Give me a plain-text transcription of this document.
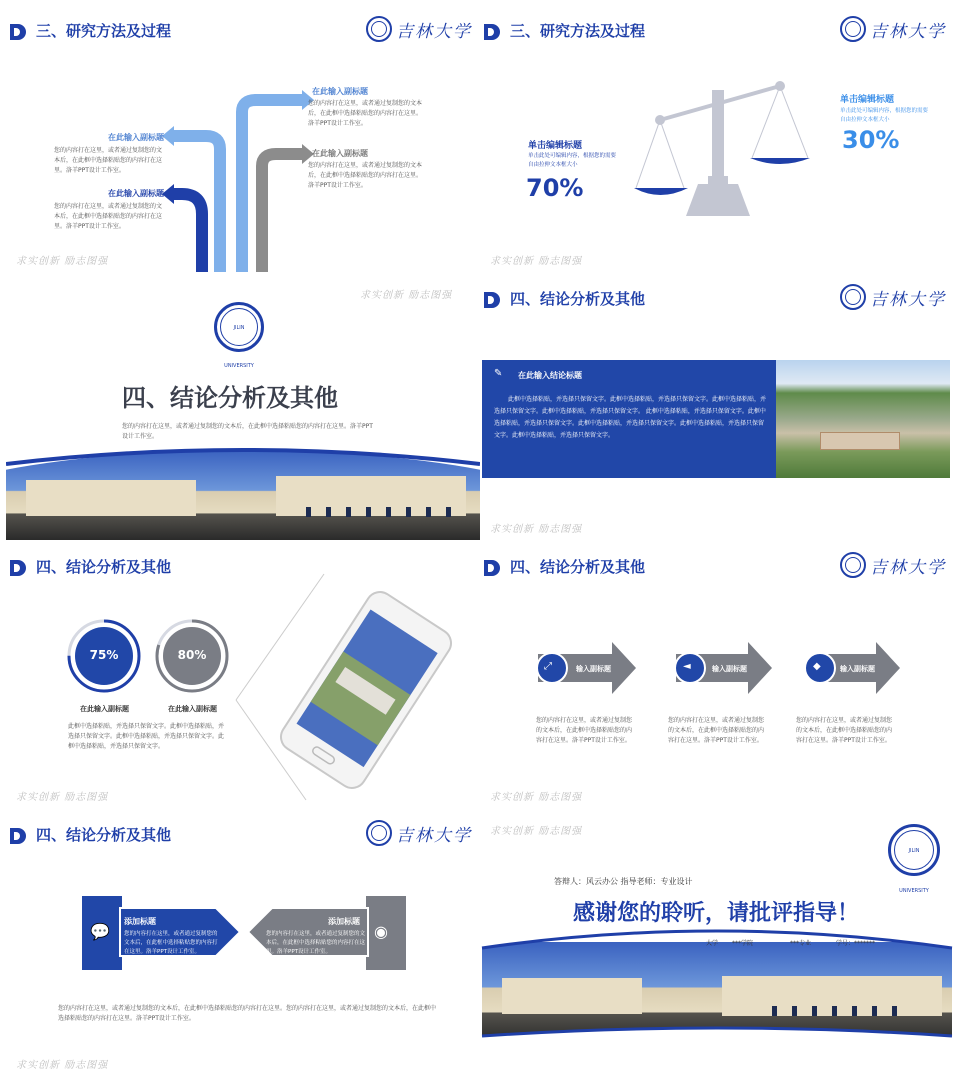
三、研究方法及过程	吉林大学
在此输入副标题
您的内容打在这里，或者通过复制您的文本后，在此框中选择粘贴您的内容打在这里。洛羊PPT设计工作室。
在此输入副标题
您的内容打在这里，或者通过复制您的文本后，在此框中选择粘贴您的内容打在这里。洛羊PPT设计工作室。
在此输入副标题
您的内容打在这里，或者通过复制您的文本后，在此框中选择粘贴您的内容打在这里。洛羊PPT设计工作室。
在此输入副标题
您的内容打在这里，或者通过复制您的文本后，在此框中选择粘贴您的内容打在这里。洛羊PPT设计工作室。
求实创新 励志图强
三、研究方法及过程	吉林大学
单击编辑标题
单击此处可编辑内容，根据您的需要自由拉伸文本框大小
70%
单击编辑标题
单击此处可编辑内容，根据您的需要自由拉伸文本框大小
30%
求实创新 励志图强
求实创新 励志图强
JILIN UNIVERSITY
四、结论分析及其他
您的内容打在这里，或者通过复制您的文本后，在此框中选择粘贴您的内容打在这里。洛羊PPT设计工作室。
四、结论分析及其他	吉林大学
✎ 在此输入结论标题
此框中选择粘贴，并选择只保留文字。此框中选择粘贴，并选择只保留文字。此框中选择粘贴，并选择只保留文字。此框中选择粘贴，并选择只保留文字。 此框中选择粘贴，并选择只保留文字。此框中选择粘贴，并选择只保留文字。此框中选择粘贴，并选择只保留文字。此框中选择粘贴，并选择只保留文字。此框中选择粘贴，并选择只保留文字。
求实创新 励志图强
四、结论分析及其他
75%	80%
在此输入副标题	在此输入副标题
此框中选择粘贴，并选择只保留文字。此框中选择粘贴，并选择只保留文字。此框中选择粘贴，并选择只保留文字。此框中选择粘贴，并选择只保留文字。
求实创新 励志图强
四、结论分析及其他	吉林大学
⤢	◄	◆
输入副标题	输入副标题	输入副标题
您的内容打在这里，或者通过复制您的文本后，在此框中选择粘贴您的内容打在这里。洛羊PPT设计工作室。
您的内容打在这里，或者通过复制您的文本后，在此框中选择粘贴您的内容打在这里。洛羊PPT设计工作室。
您的内容打在这里，或者通过复制您的文本后，在此框中选择粘贴您的内容打在这里。洛羊PPT设计工作室。
求实创新 励志图强
四、结论分析及其他	吉林大学
💬	◉
添加标题
您的内容打在这里，或者通过复制您的文本后，在此框中选择粘贴您的内容打在这里。洛羊PPT设计工作室。
添加标题
您的内容打在这里，或者通过复制您的文本后，在此框中选择粘贴您的内容打在这里。洛羊PPT设计工作室。
您的内容打在这里，或者通过复制您的文本后，在此框中选择粘贴您的内容打在这里。您的内容打在这里，或者通过复制您的文本后，在此框中选择粘贴您的内容打在这里。洛羊PPT设计工作室。
求实创新 励志图强
求实创新 励志图强
JILIN UNIVERSITY
答辩人：风云办公 指导老师：专业设计
感谢您的聆听，请批评指导！
大学 ***学院	***专业	学号：*******
